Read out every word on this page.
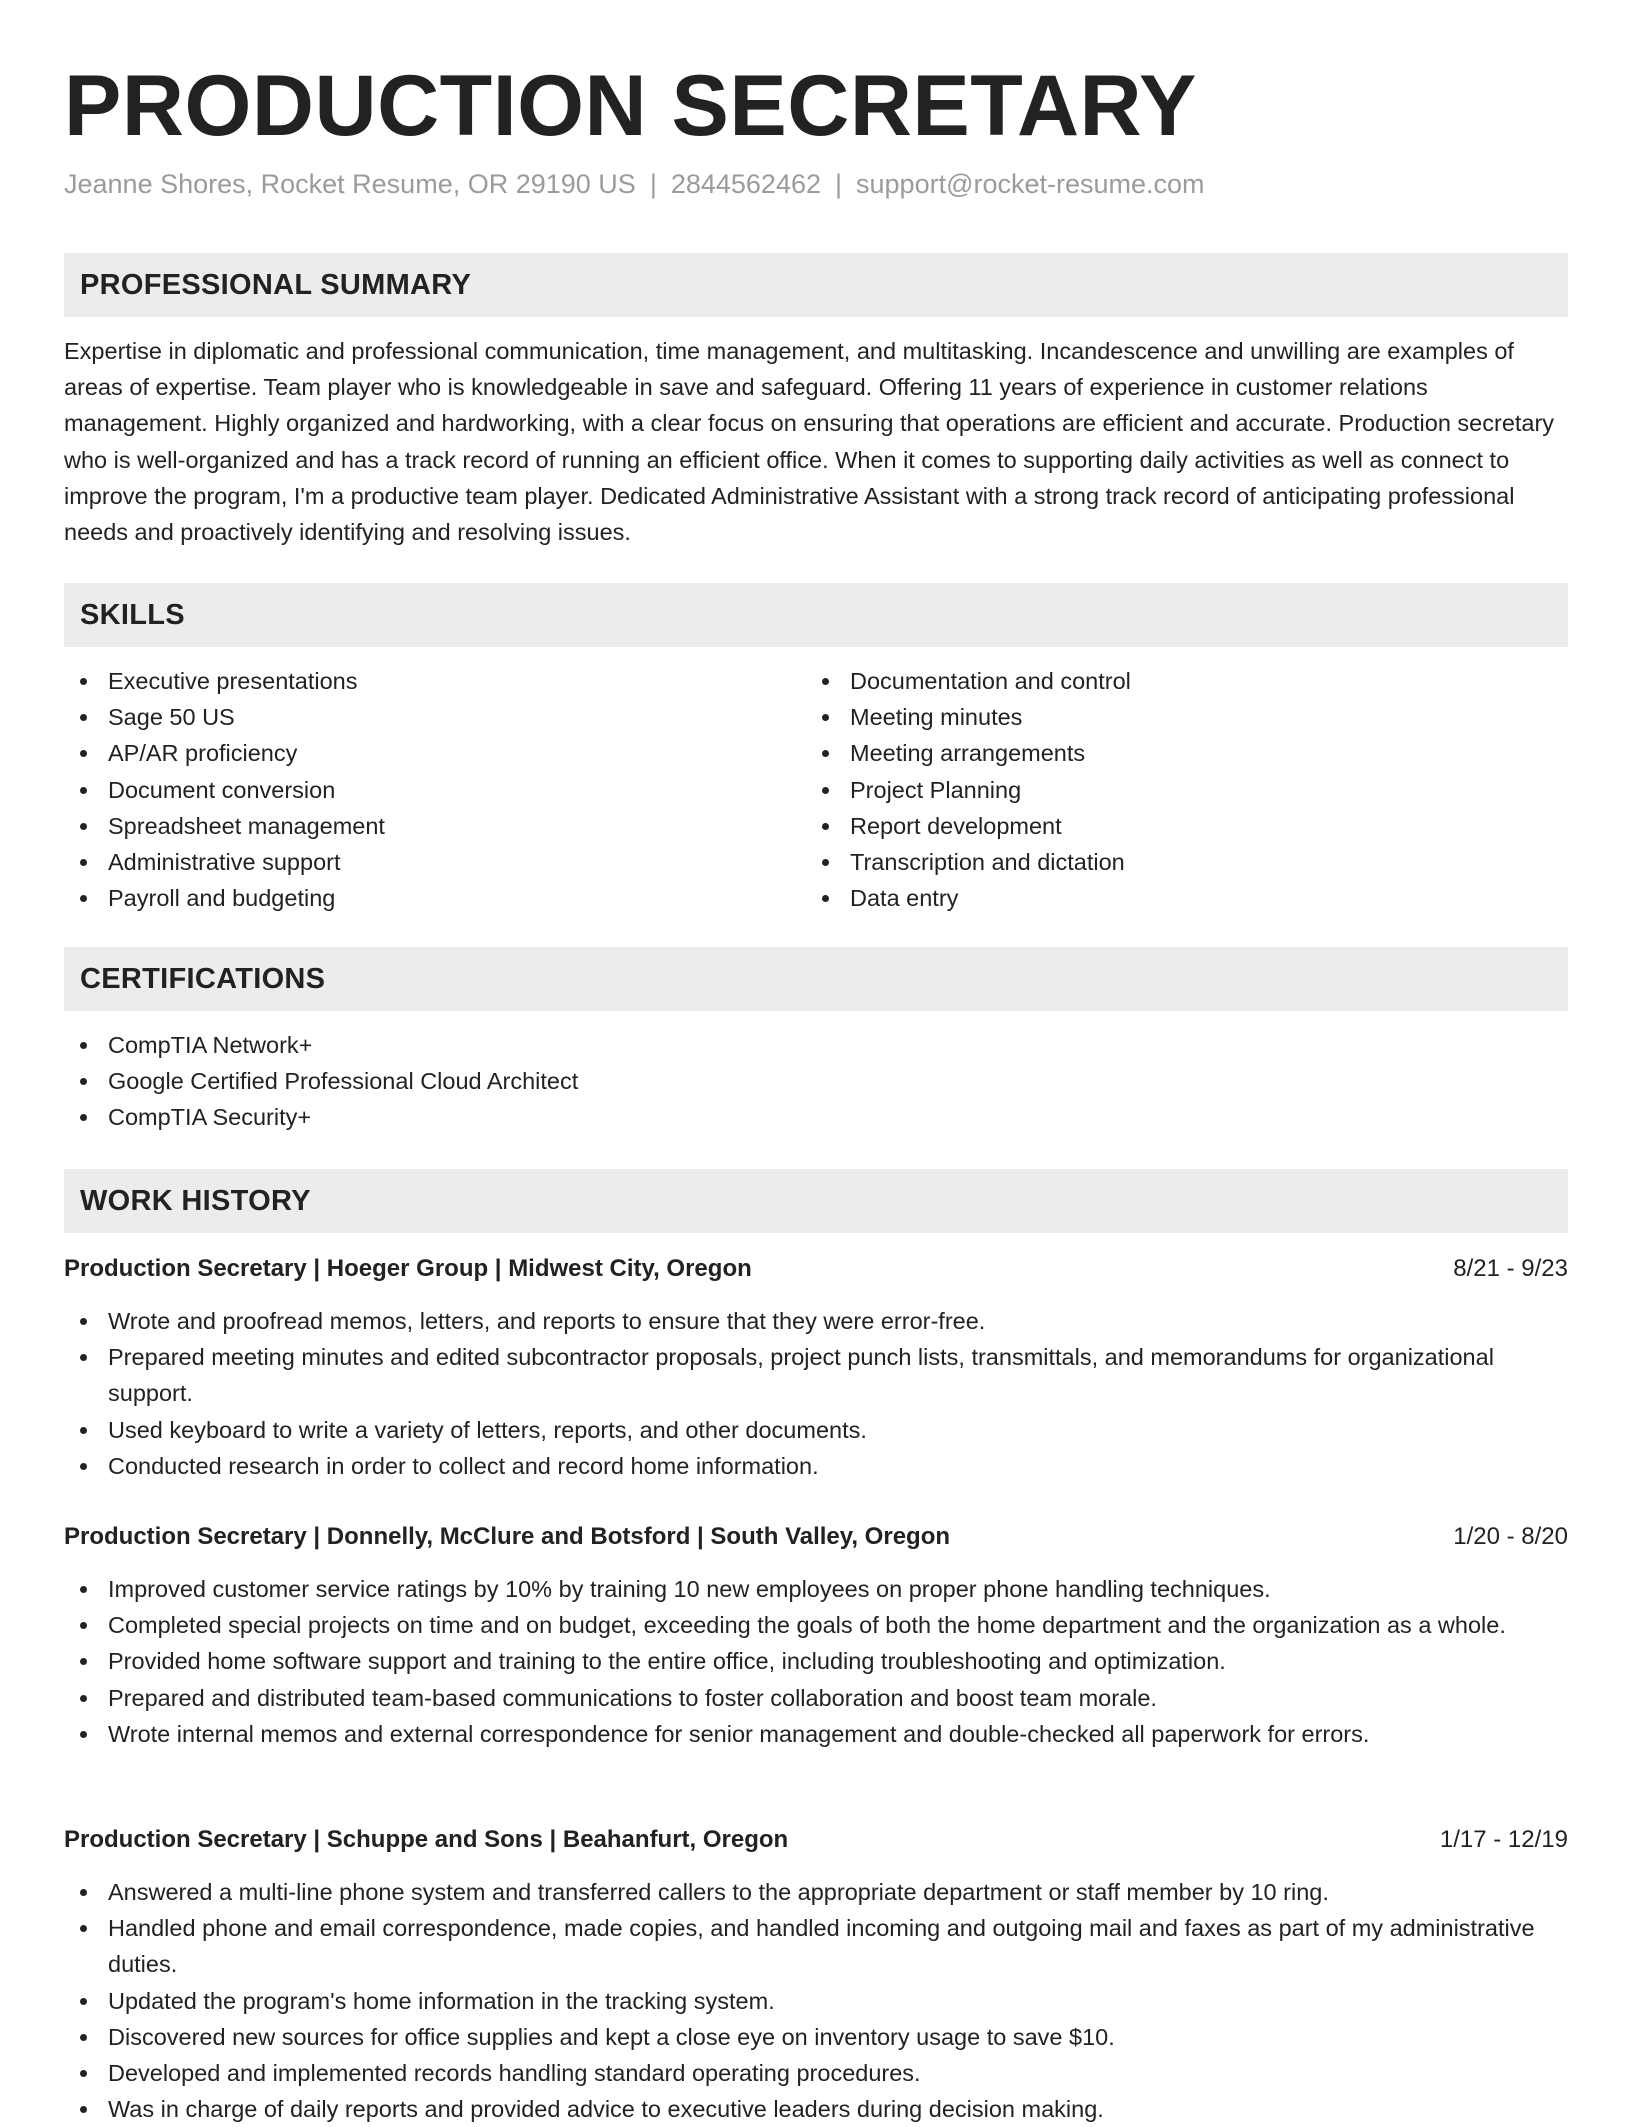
PRODUCTION SECRETARY
Jeanne Shores, Rocket Resume, OR 29190 US | 2844562462 | support@rocket-resume.com
PROFESSIONAL SUMMARY

Expertise in diplomatic and professional communication, time management, and multitasking. Incandescence and unwilling are examples of areas of expertise. Team player who is knowledgeable in save and safeguard. Offering 11 years of experience in customer relations management. Highly organized and hardworking, with a clear focus on ensuring that operations are efficient and accurate. Production secretary who is well-organized and has a track record of running an efficient office. When it comes to supporting daily activities as well as connect to improve the program, I'm a productive team player. Dedicated Administrative Assistant with a strong track record of anticipating professional needs and proactively identifying and resolving issues.

SKILLS
Executive presentations
Sage 50 US
AP/AR proficiency
Document conversion
Spreadsheet management
Administrative support
Payroll and budgeting
Documentation and control
Meeting minutes
Meeting arrangements
Project Planning
Report development
Transcription and dictation
Data entry
CERTIFICATIONS
CompTIA Network+
Google Certified Professional Cloud Architect
CompTIA Security+
WORK HISTORY
Production Secretary | Hoeger Group | Midwest City, Oregon	8/21 - 9/23
Wrote and proofread memos, letters, and reports to ensure that they were error-free.
Prepared meeting minutes and edited subcontractor proposals, project punch lists, transmittals, and memorandums for organizational support.
Used keyboard to write a variety of letters, reports, and other documents.
Conducted research in order to collect and record home information.
Production Secretary | Donnelly, McClure and Botsford | South Valley, Oregon	1/20 - 8/20
Improved customer service ratings by 10% by training 10 new employees on proper phone handling techniques.
Completed special projects on time and on budget, exceeding the goals of both the home department and the organization as a whole.
Provided home software support and training to the entire office, including troubleshooting and optimization.
Prepared and distributed team-based communications to foster collaboration and boost team morale.
Wrote internal memos and external correspondence for senior management and double-checked all paperwork for errors.
Production Secretary | Schuppe and Sons | Beahanfurt, Oregon	1/17 - 12/19
Answered a multi-line phone system and transferred callers to the appropriate department or staff member by 10 ring.
Handled phone and email correspondence, made copies, and handled incoming and outgoing mail and faxes as part of my administrative duties.
Updated the program's home information in the tracking system.
Discovered new sources for office supplies and kept a close eye on inventory usage to save $10.
Developed and implemented records handling standard operating procedures.
Was in charge of daily reports and provided advice to executive leaders during decision making.
